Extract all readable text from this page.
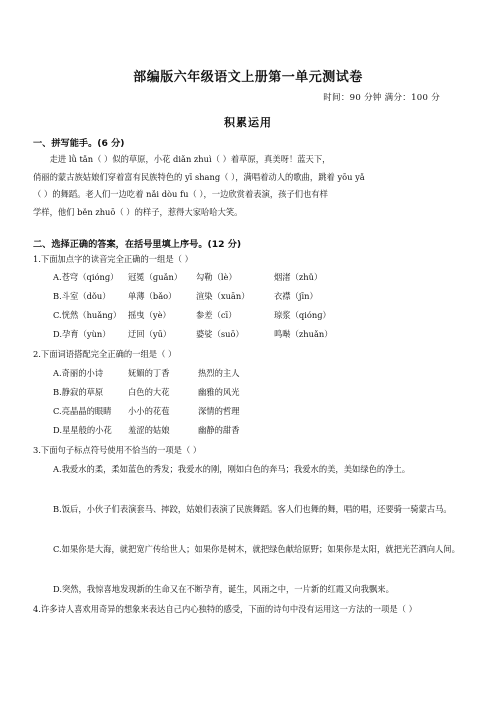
部编版六年级语文上册第一单元测试卷
时间：90 分钟 满分：100 分
积累运用
一、拼写能手。(6 分)
走进 lǜ tǎn（ ）似的草原，小花 diǎn zhuì（ ）着草原，真美呀！蓝天下，
俏丽的蒙古族姑娘们穿着富有民族特色的 yī shang（ ），满唱着动人的歌曲，跳着 yōu yǎ
（ ）的舞蹈。老人们一边吃着 nǎi dòu fu（ ），一边欣赏着表演，孩子们也有样
学样，他们 běn zhuō（ ）的样子，惹得大家哈哈大笑。
二、选择正确的答案，在括号里填上序号。(12 分)
1.下面加点字的读音完全正确的一组是（ ）
A.苍穹（qiónɡ） 冠冕（ɡuǎn） 勾勒（lè）	烟渚（zhǔ）
B.斗室（dǒu） 单薄（bǎo） 渲染（xuān）	衣襟（jīn）
C.恍然（huǎnɡ） 摇曳（yè）	参差（cī）	琼浆（qiónɡ）
D.孕育（yùn） 迂回（yū）	婆娑（suō）	鸣啭（zhuǎn）
2.下面词语搭配完全正确的一组是（ ）
A.奇丽的小诗	妩媚的丁香	热烈的主人
B.静寂的草原	白色的大花	幽雅的风光
C.亮晶晶的眼睛 小小的花苞	深情的哲理
D.星星般的小花 羞涩的姑娘	幽静的甜香
3.下面句子标点符号使用不恰当的一项是（ ）
A.我爱水的柔，柔如蓝色的秀发；我爱水的刚，刚如白色的奔马；我爱水的美，美如绿色的净土。
B.饭后，小伙子们表演套马、摔跤，姑娘们表演了民族舞蹈。客人们也舞的舞，唱的唱，还要骑一骑蒙古马。
C.如果你是大海，就把宽广传给世人；如果你是树木，就把绿色献给原野；如果你是太阳，就把光芒洒向人间。
D.突然，我惊喜地发现新的生命又在不断孕育，诞生，风雨之中，一片新的红霞又向我飘来。
4.许多诗人喜欢用奇异的想象来表达自己内心独特的感受，下面的诗句中没有运用这一方法的一项是（ ）
